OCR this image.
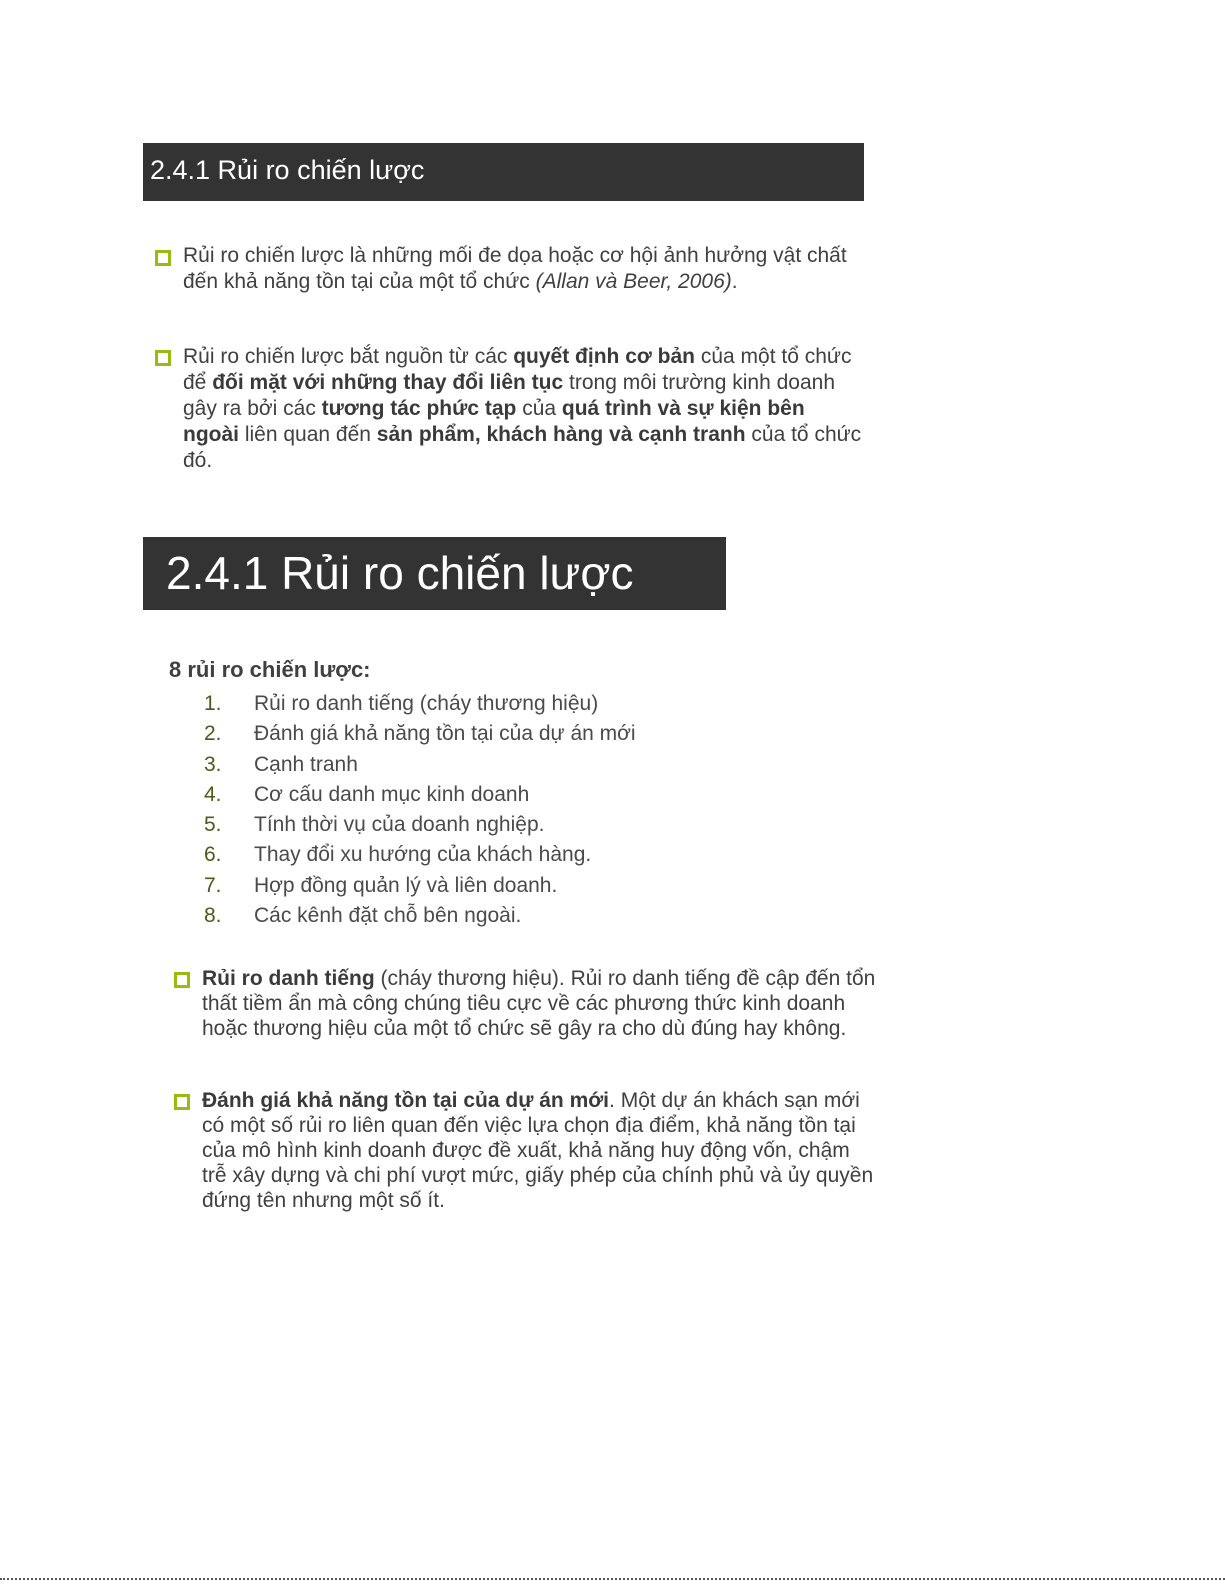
2.4.1 Rủi ro chiến lược
Rủi ro chiến lược là những mối đe dọa hoặc cơ hội ảnh hưởng vật chất đến khả năng tồn tại của một tổ chức (Allan và Beer, 2006).
Rủi ro chiến lược bắt nguồn từ các quyết định cơ bản của một tổ chức để đối mặt với những thay đổi liên tục trong môi trường kinh doanh gây ra bởi các tương tác phức tạp của quá trình và sự kiện bên ngoài liên quan đến sản phẩm, khách hàng và cạnh tranh của tổ chức đó.
2.4.1 Rủi ro chiến lược
8 rủi ro chiến lược:
1. Rủi ro danh tiếng (cháy thương hiệu)
2. Đánh giá khả năng tồn tại của dự án mới
3. Cạnh tranh
4. Cơ cấu danh mục kinh doanh
5. Tính thời vụ của doanh nghiệp.
6. Thay đổi xu hướng của khách hàng.
7. Hợp đồng quản lý và liên doanh.
8. Các kênh đặt chỗ bên ngoài.
Rủi ro danh tiếng (cháy thương hiệu). Rủi ro danh tiếng đề cập đến tổn thất tiềm ẩn mà công chúng tiêu cực về các phương thức kinh doanh hoặc thương hiệu của một tổ chức sẽ gây ra cho dù đúng hay không.
Đánh giá khả năng tồn tại của dự án mới. Một dự án khách sạn mới có một số rủi ro liên quan đến việc lựa chọn địa điểm, khả năng tồn tại của mô hình kinh doanh được đề xuất, khả năng huy động vốn, chậm trễ xây dựng và chi phí vượt mức, giấy phép của chính phủ và ủy quyền đứng tên nhưng một số ít.
